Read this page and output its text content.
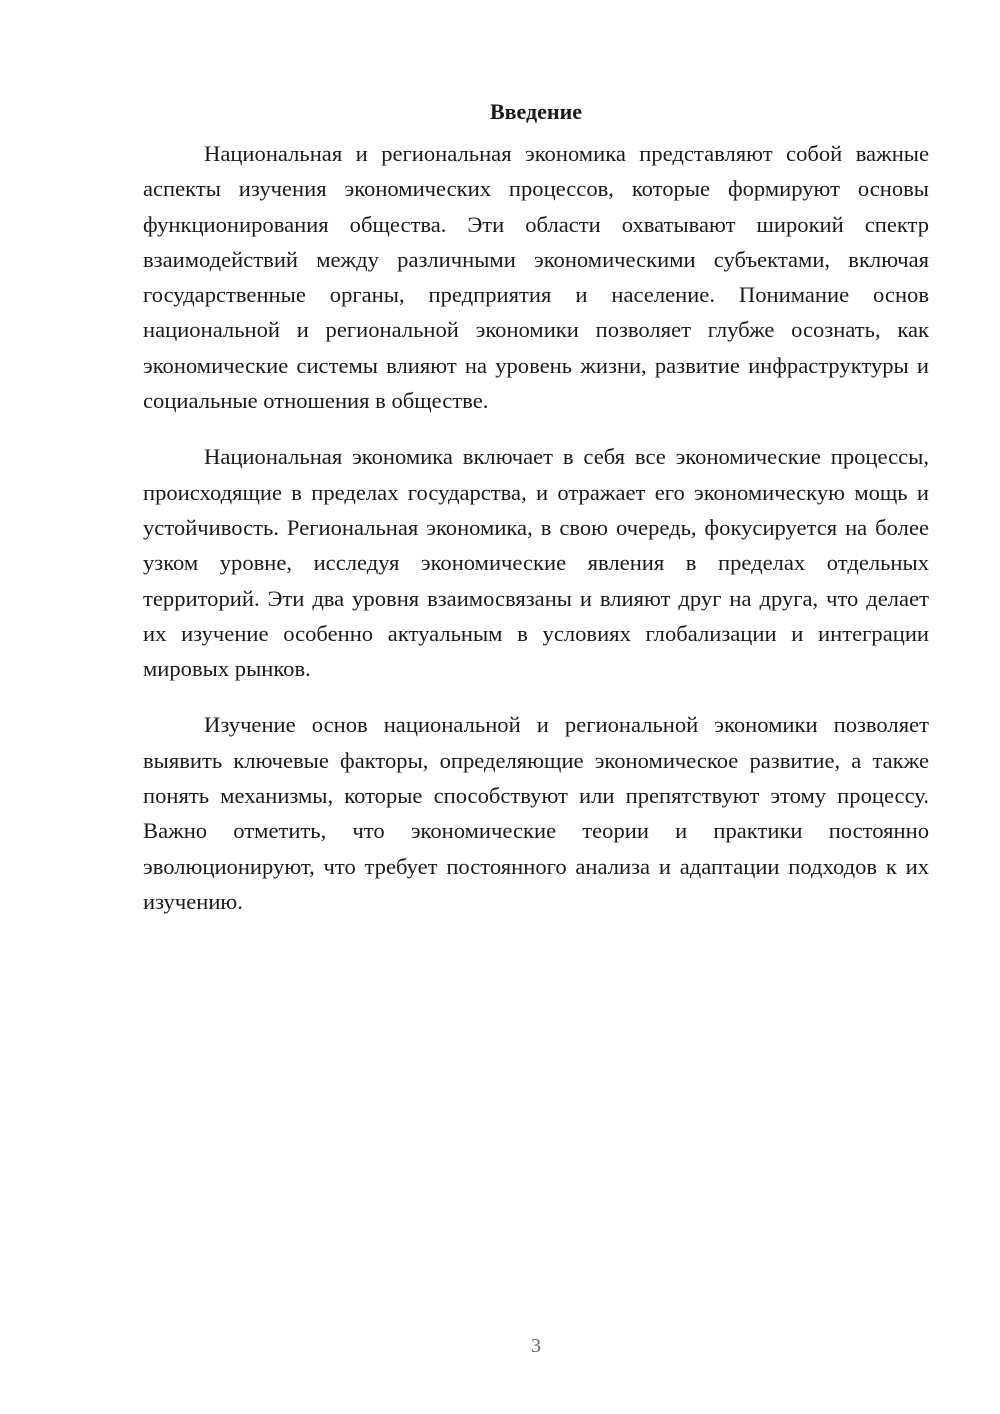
Введение

Национальная и региональная экономика представляют собой важные аспекты изучения экономических процессов, которые формируют основы функционирования общества. Эти области охватывают широкий спектр взаимодействий между различными экономическими субъектами, включая государственные органы, предприятия и население. Понимание основ национальной и региональной экономики позволяет глубже осознать, как экономические системы влияют на уровень жизни, развитие инфраструктуры и социальные отношения в обществе.

Национальная экономика включает в себя все экономические процессы, происходящие в пределах государства, и отражает его экономическую мощь и устойчивость. Региональная экономика, в свою очередь, фокусируется на более узком уровне, исследуя экономические явления в пределах отдельных территорий. Эти два уровня взаимосвязаны и влияют друг на друга, что делает их изучение особенно актуальным в условиях глобализации и интеграции мировых рынков.

Изучение основ национальной и региональной экономики позволяет выявить ключевые факторы, определяющие экономическое развитие, а также понять механизмы, которые способствуют или препятствуют этому процессу. Важно отметить, что экономические теории и практики постоянно эволюционируют, что требует постоянного анализа и адаптации подходов к их изучению.

3
